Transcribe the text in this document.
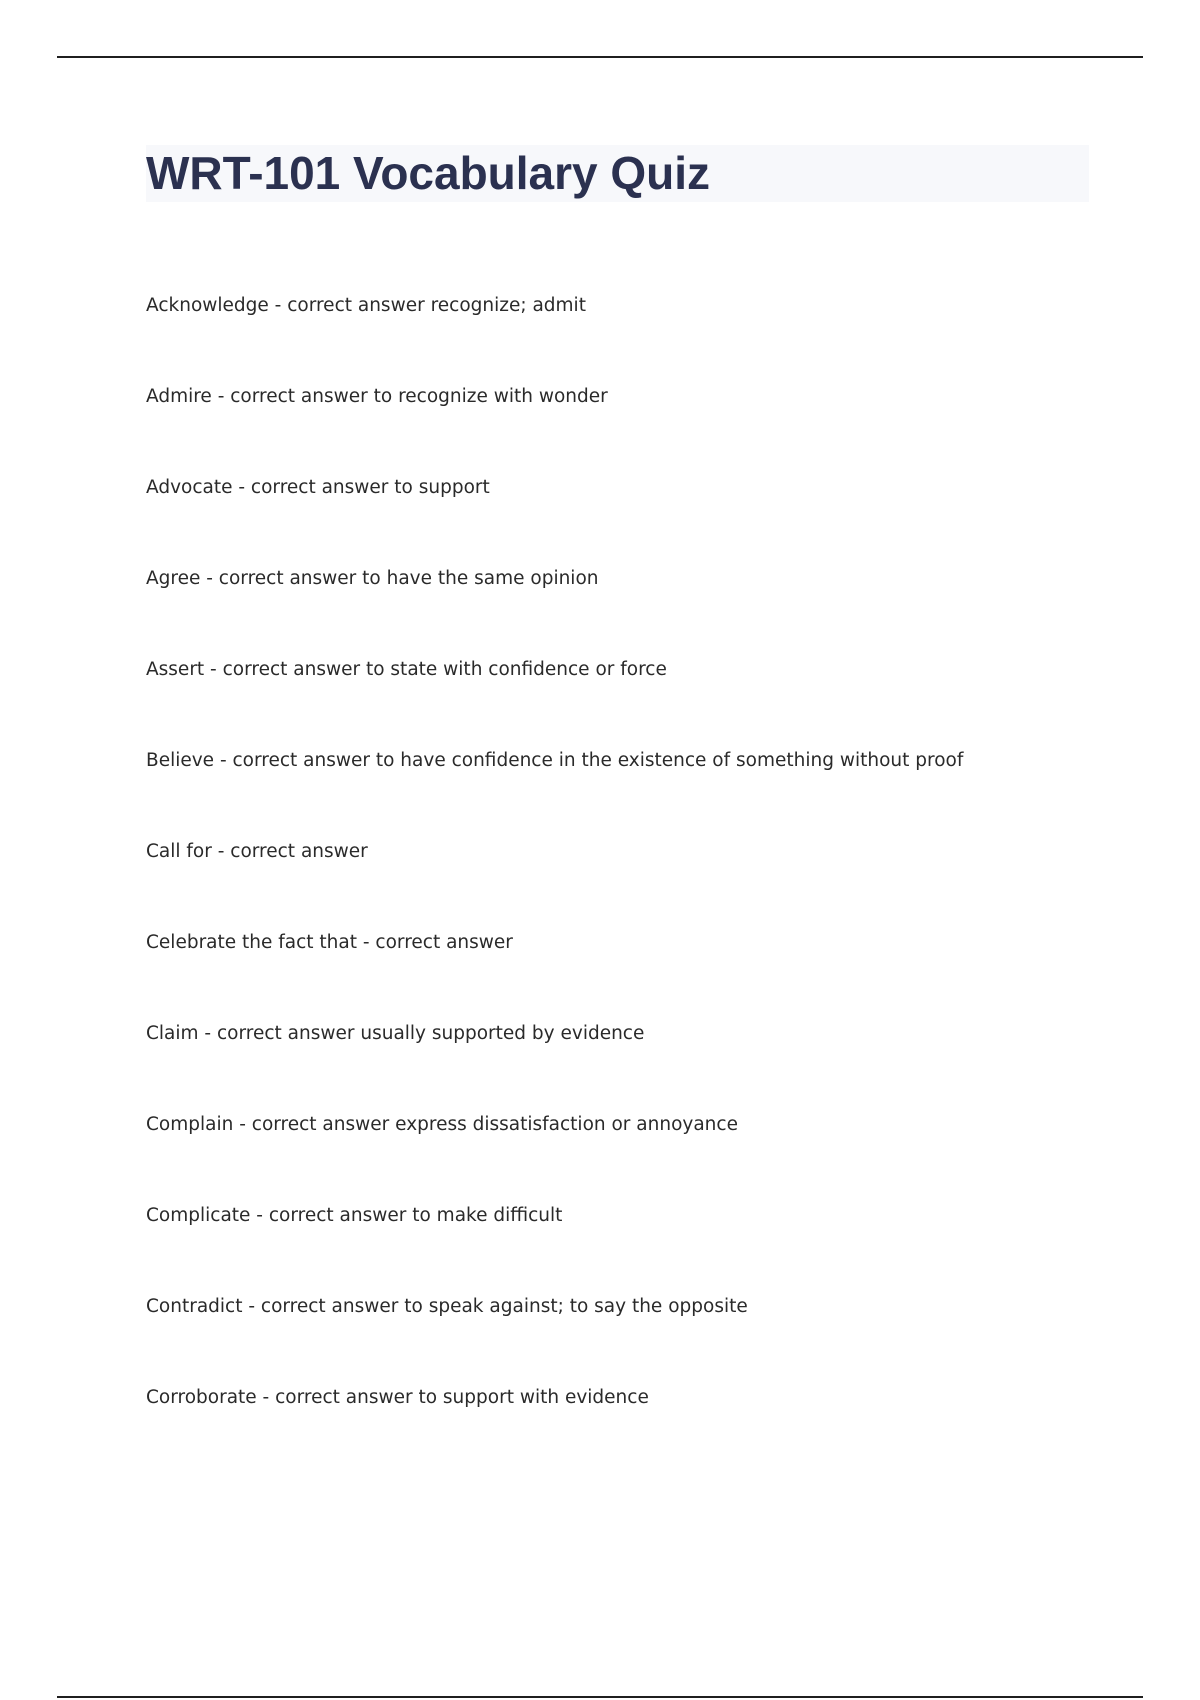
WRT-101 Vocabulary Quiz
Acknowledge - correct answer recognize; admit
Admire - correct answer to recognize with wonder
Advocate - correct answer to support
Agree - correct answer to have the same opinion
Assert - correct answer to state with confidence or force
Believe - correct answer to have confidence in the existence of something without proof
Call for - correct answer
Celebrate the fact that - correct answer
Claim - correct answer usually supported by evidence
Complain - correct answer express dissatisfaction or annoyance
Complicate - correct answer to make difficult
Contradict - correct answer to speak against; to say the opposite
Corroborate - correct answer to support with evidence
